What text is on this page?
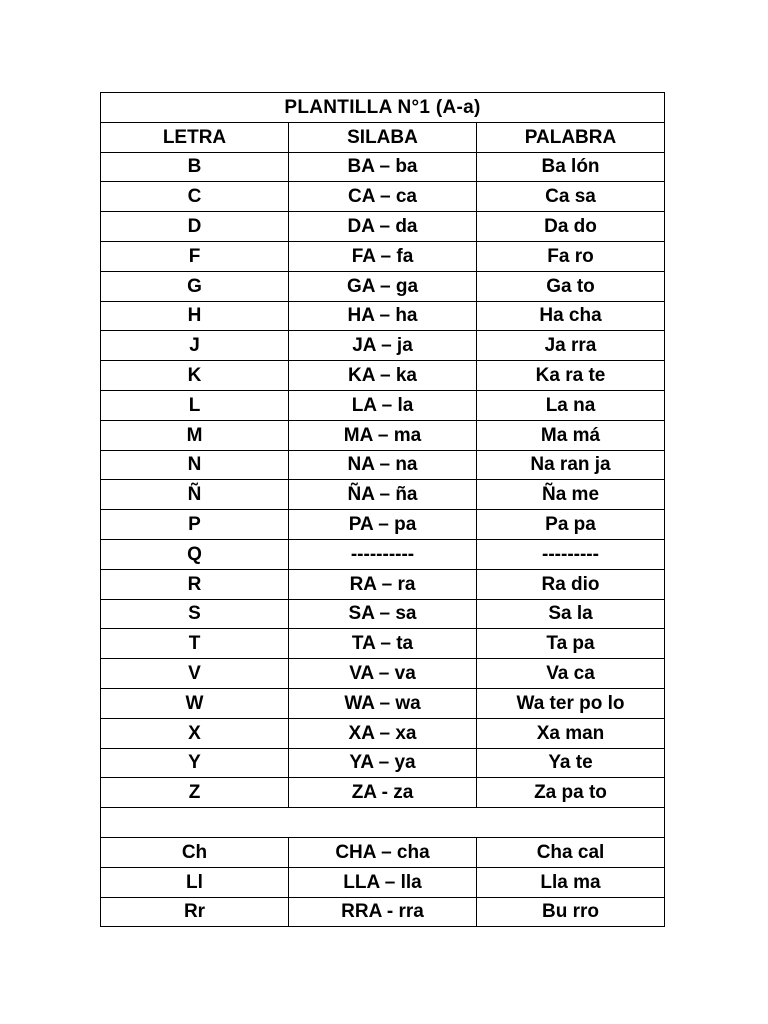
PLANTILLA N°1 (A-a)		
LETRA	SILABA	PALABRA
B	BA – ba	Ba lón
C	CA – ca	Ca sa
D	DA – da	Da do
F	FA – fa	Fa ro
G	GA – ga	Ga to
H	HA – ha	Ha cha
J	JA – ja	Ja rra
K	KA – ka	Ka ra te
L	LA – la	La na
M	MA – ma	Ma má
N	NA – na	Na ran ja
Ñ	ÑA – ña	Ña me
P	PA – pa	Pa pa
Q	----------	---------
R	RA – ra	Ra dio
S	SA – sa	Sa la
T	TA – ta	Ta pa
V	VA – va	Va ca
W	WA – wa	Wa ter po lo
X	XA – xa	Xa man
Y	YA – ya	Ya te
Z	ZA - za	Za pa to

Ch	CHA – cha	Cha cal
Ll	LLA – lla	Lla ma
Rr	RRA - rra	Bu rro
